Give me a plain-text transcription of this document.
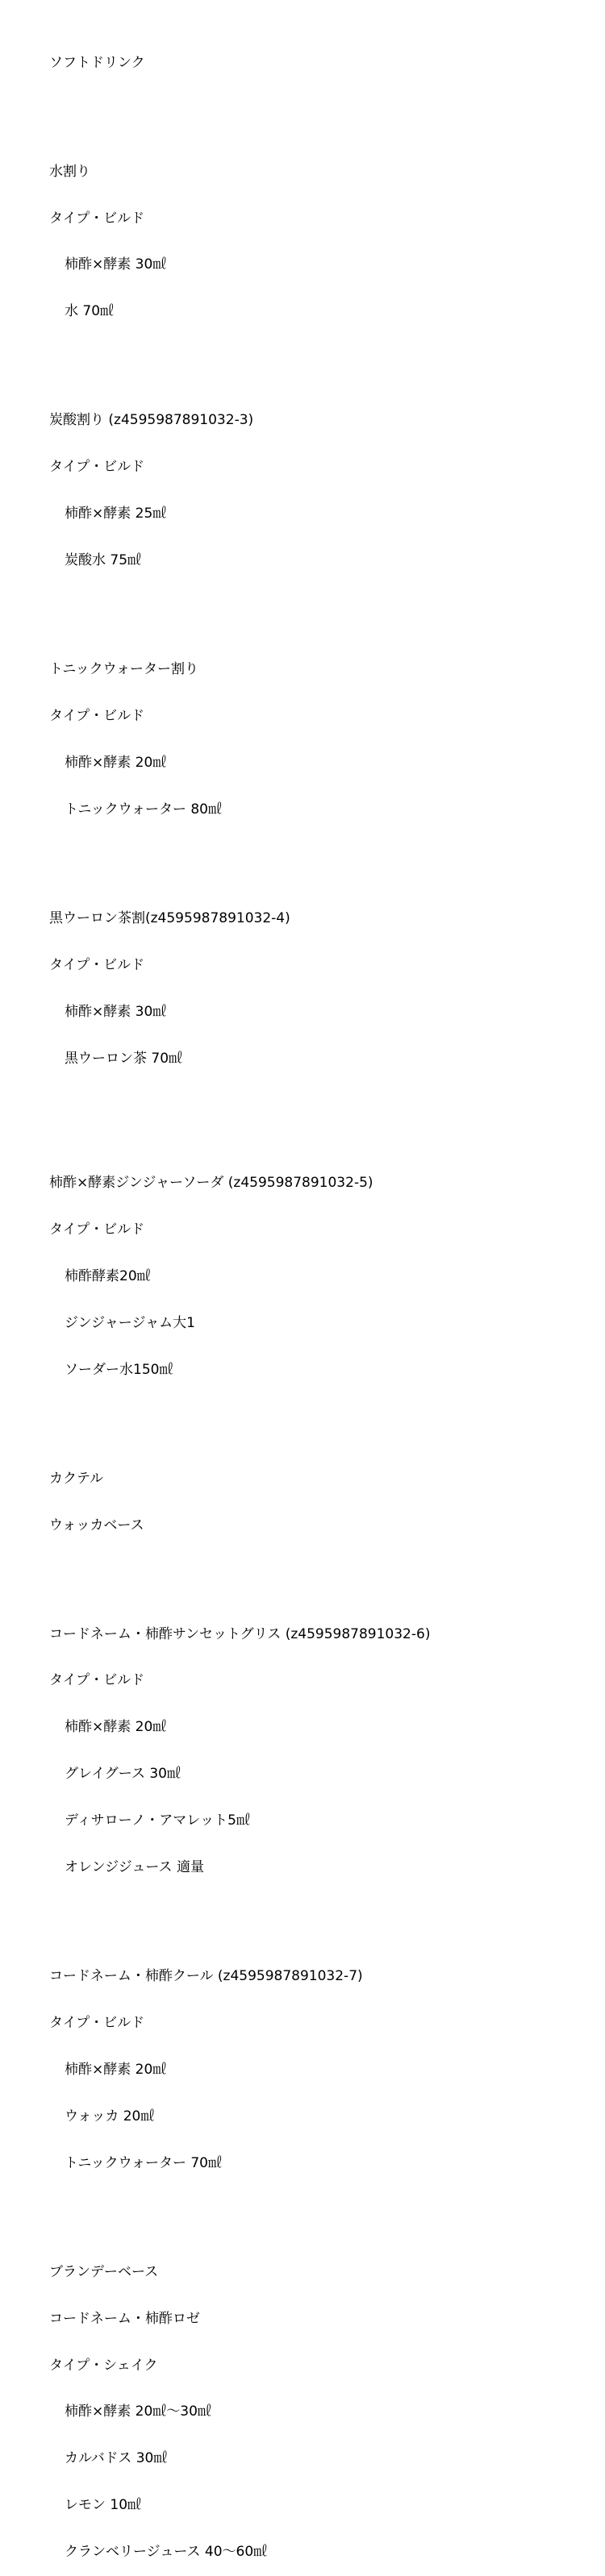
ソフトドリンク

水割り

タイプ・ビルド

柿酢×酵素 30㎖

水 70㎖

炭酸割り (z4595987891032-3)

タイプ・ビルド

柿酢×酵素 25㎖

炭酸水 75㎖

トニックウォーター割り

タイプ・ビルド

柿酢×酵素 20㎖

トニックウォーター 80㎖

黒ウーロン茶割(z4595987891032-4)

タイプ・ビルド

柿酢×酵素 30㎖

黒ウーロン茶 70㎖

柿酢×酵素ジンジャーソーダ (z4595987891032-5)

タイプ・ビルド

柿酢酵素20㎖

ジンジャージャム大1

ソーダー水150㎖

カクテル

ウォッカベース

コードネーム・柿酢サンセットグリス (z4595987891032-6)

タイプ・ビルド

柿酢×酵素 20㎖

グレイグース 30㎖

ディサローノ・アマレット5㎖

オレンジジュース 適量

コードネーム・柿酢クール (z4595987891032-7)

タイプ・ビルド

柿酢×酵素 20㎖

ウォッカ 20㎖

トニックウォーター 70㎖

ブランデーベース

コードネーム・柿酢ロゼ

タイプ・シェイク

柿酢×酵素 20㎖〜30㎖

カルバドス 30㎖

レモン 10㎖

クランベリージュース 40〜60㎖
